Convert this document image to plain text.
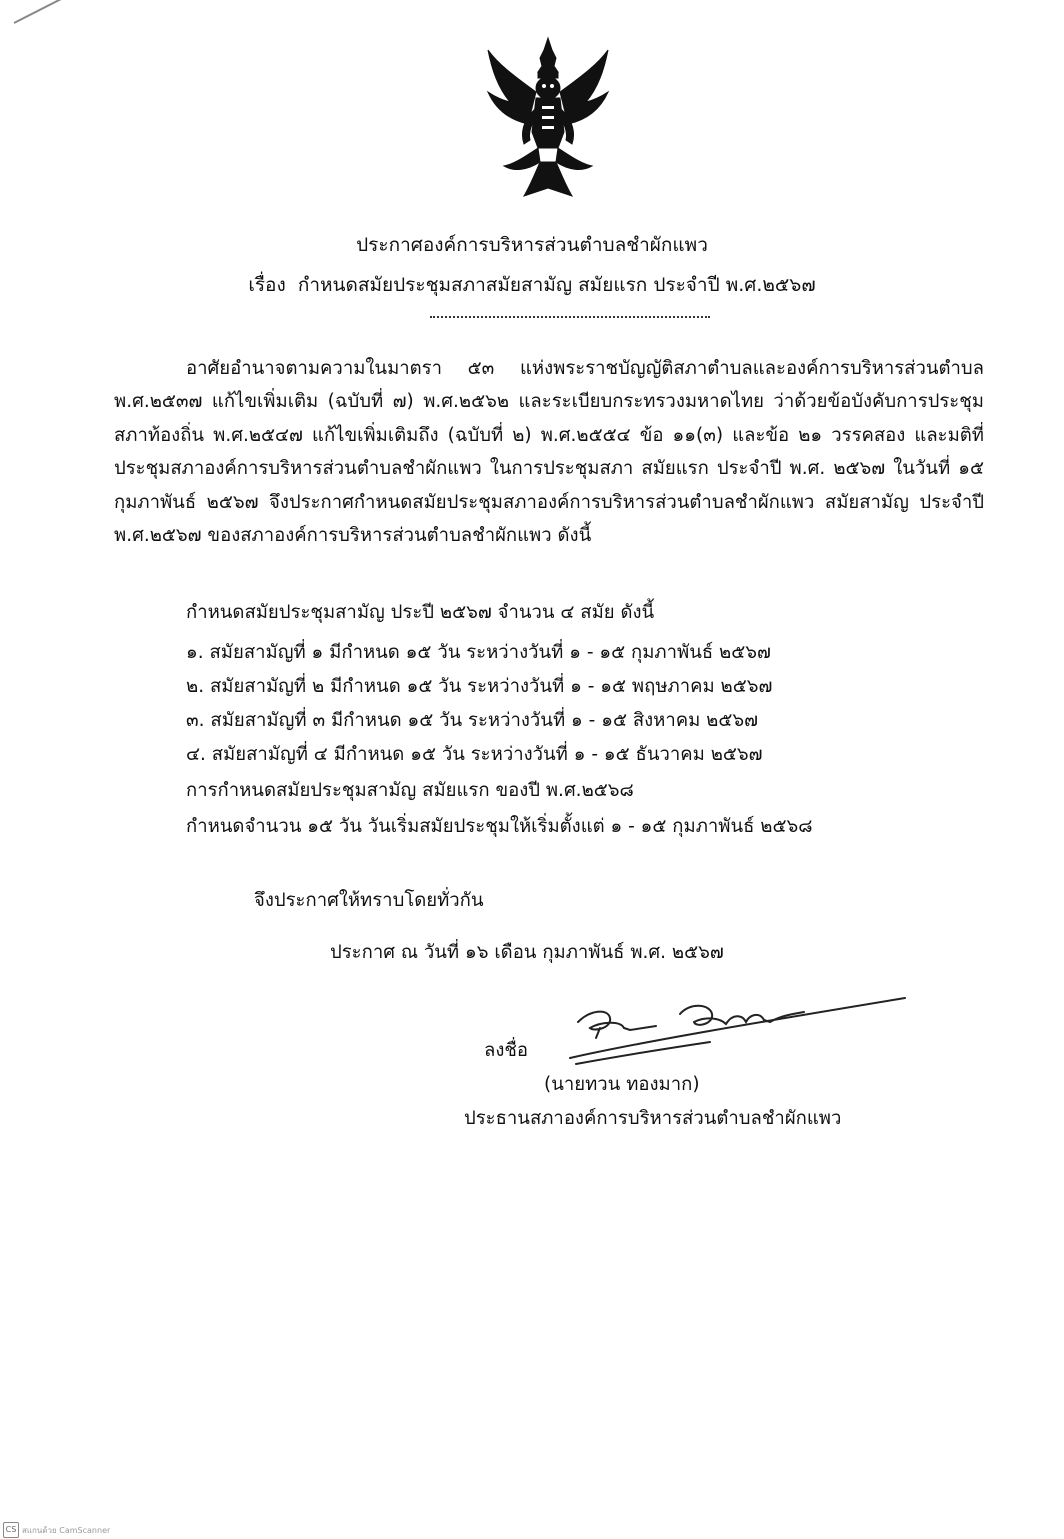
ประกาศองค์การบริหารส่วนตำบลชำผักแพว
เรื่อง กำหนดสมัยประชุมสภาสมัยสามัญ สมัยแรก ประจำปี พ.ศ.๒๕๖๗
อาศัยอำนาจตามความในมาตรา ๕๓ แห่งพระราชบัญญัติสภาตำบลและองค์การบริหารส่วนตำบล พ.ศ.๒๕๓๗ แก้ไขเพิ่มเติม (ฉบับที่ ๗) พ.ศ.๒๕๖๒ และระเบียบกระทรวงมหาดไทย ว่าด้วยข้อบังคับการประชุมสภาท้องถิ่น พ.ศ.๒๕๔๗ แก้ไขเพิ่มเติมถึง (ฉบับที่ ๒) พ.ศ.๒๕๕๔ ข้อ ๑๑(๓) และข้อ ๒๑ วรรคสอง และมติที่ประชุมสภาองค์การบริหารส่วนตำบลชำผักแพว ในการประชุมสภา สมัยแรก ประจำปี พ.ศ. ๒๕๖๗ ในวันที่ ๑๕ กุมภาพันธ์ ๒๕๖๗ จึงประกาศกำหนดสมัยประชุมสภาองค์การบริหารส่วนตำบลชำผักแพว สมัยสามัญ ประจำปี พ.ศ.๒๕๖๗ ของสภาองค์การบริหารส่วนตำบลชำผักแพว ดังนี้
กำหนดสมัยประชุมสามัญ ประปี ๒๕๖๗ จำนวน ๔ สมัย ดังนี้
๑. สมัยสามัญที่ ๑ มีกำหนด ๑๕ วัน ระหว่างวันที่ ๑ - ๑๕ กุมภาพันธ์ ๒๕๖๗
๒. สมัยสามัญที่ ๒ มีกำหนด ๑๕ วัน ระหว่างวันที่ ๑ - ๑๕ พฤษภาคม ๒๕๖๗
๓. สมัยสามัญที่ ๓ มีกำหนด ๑๕ วัน ระหว่างวันที่ ๑ - ๑๕ สิงหาคม ๒๕๖๗
๔. สมัยสามัญที่ ๔ มีกำหนด ๑๕ วัน ระหว่างวันที่ ๑ - ๑๕ ธันวาคม ๒๕๖๗
การกำหนดสมัยประชุมสามัญ สมัยแรก ของปี พ.ศ.๒๕๖๘
กำหนดจำนวน ๑๕ วัน วันเริ่มสมัยประชุมให้เริ่มตั้งแต่ ๑ - ๑๕ กุมภาพันธ์ ๒๕๖๘
จึงประกาศให้ทราบโดยทั่วกัน
ประกาศ ณ วันที่ ๑๖ เดือน กุมภาพันธ์ พ.ศ. ๒๕๖๗
ลงชื่อ
(นายทวน ทองมาก)
ประธานสภาองค์การบริหารส่วนตำบลชำผักแพว
CS สแกนด้วย CamScanner
